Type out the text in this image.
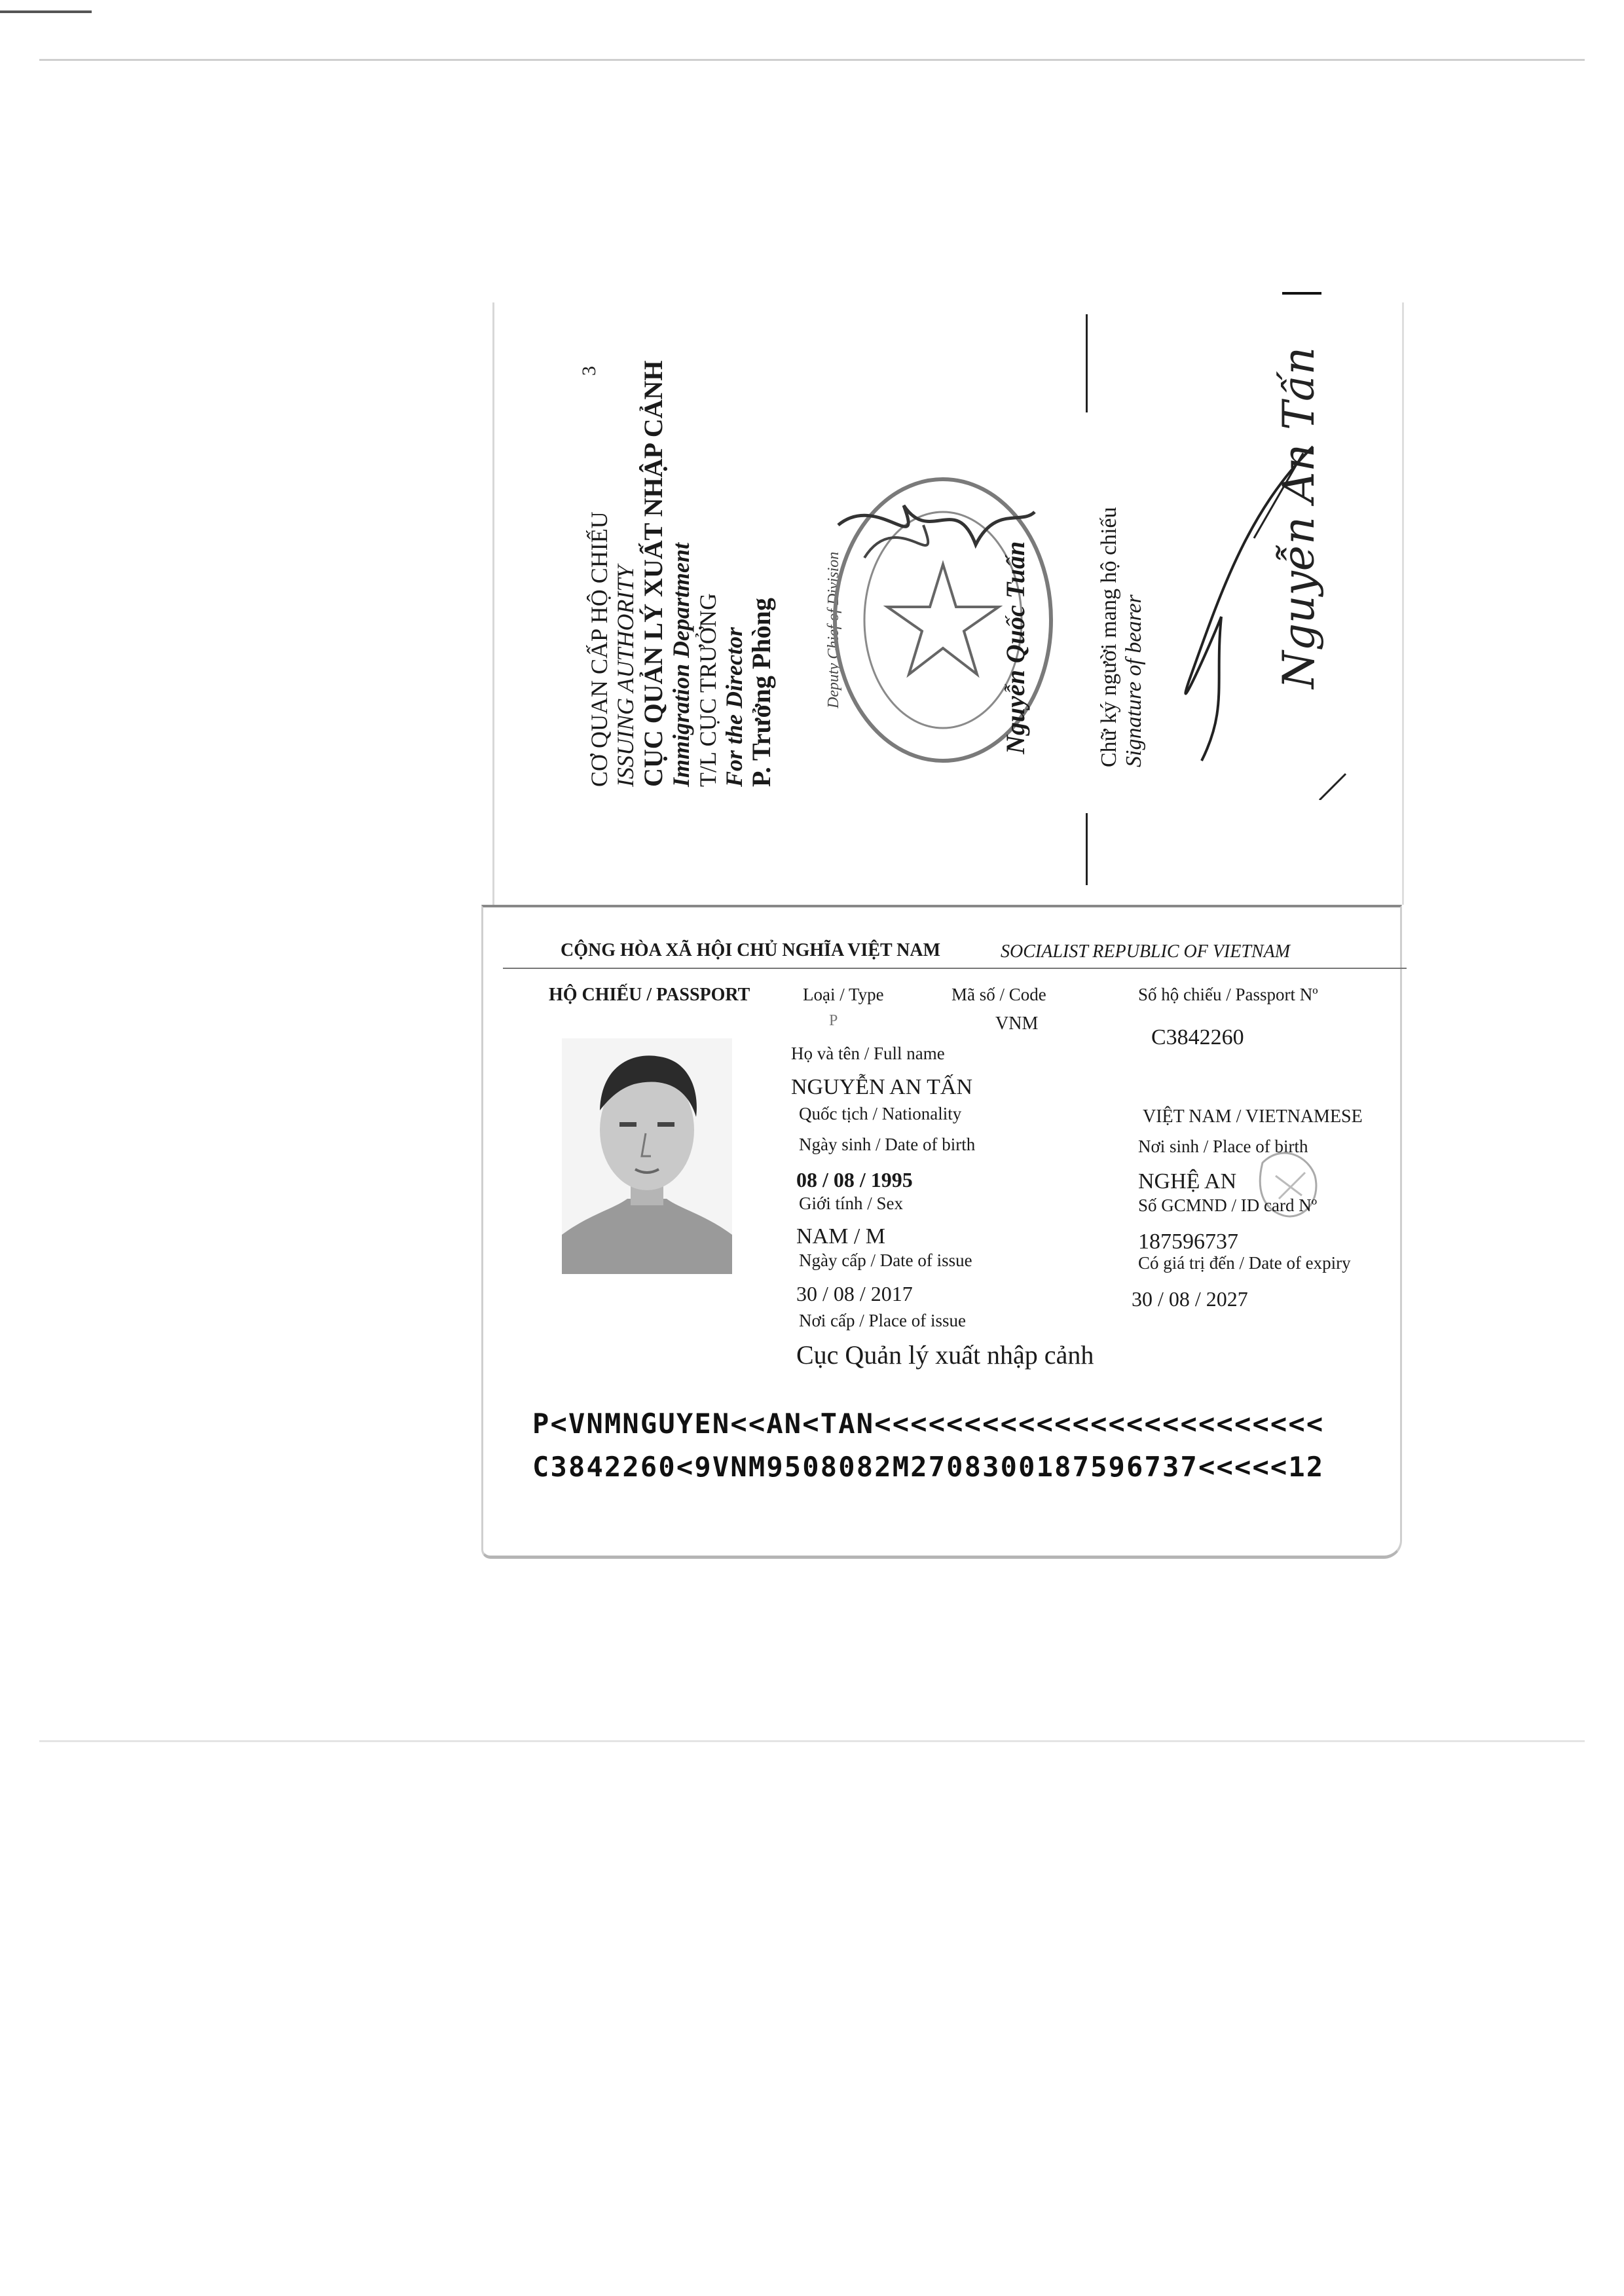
3
CƠ QUAN CẤP HỘ CHIẾU ISSUING AUTHORITY CỤC QUẢN LÝ XUẤT NHẬP CẢNH Immigration Department T/L CỤC TRƯỞNG For the Director P. Trưởng Phòng	Deputy Chief of Division	Nguyễn Quốc Tuấn	Chữ ký người mang hộ chiếu Signature of bearer	Nguyễn An Tấn
CỘNG HÒA XÃ HỘI CHỦ NGHĨA VIỆT NAM	SOCIALIST REPUBLIC OF VIETNAM
HỘ CHIẾU / PASSPORT	Loại / Type	Mã số / Code	Số hộ chiếu / Passport Nº
P	VNM
C3842260
Họ và tên / Full name
NGUYỄN AN TẤN
Quốc tịch / Nationality	VIỆT NAM / VIETNAMESE
Ngày sinh / Date of birth	Nơi sinh / Place of birth
08 / 08 / 1995	NGHỆ AN
Giới tính / Sex	Số GCMND / ID card Nº
NAM / M	187596737
Ngày cấp / Date of issue	Có giá trị đến / Date of expiry
30 / 08 / 2017	30 / 08 / 2027
Nơi cấp / Place of issue
Cục Quản lý xuất nhập cảnh
P<VNMNGUYEN<<AN<TAN<<<<<<<<<<<<<<<<<<<<<<<<<
C3842260<9VNM9508082M2708300187596737<<<<<12
